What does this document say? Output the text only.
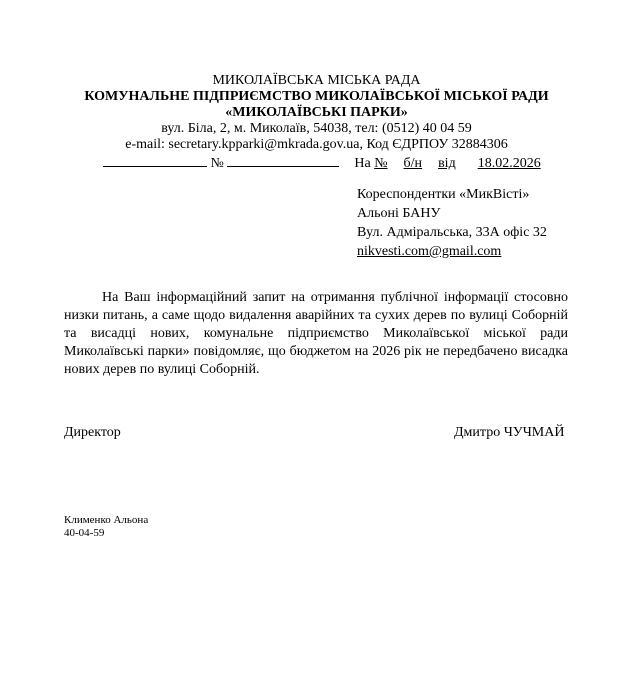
МИКОЛАЇВСЬКА МІСЬКА РАДА
КОМУНАЛЬНЕ ПІДПРИЄМСТВО МИКОЛАЇВСЬКОЇ МІСЬКОЇ РАДИ
«МИКОЛАЇВСЬКІ ПАРКИ»
вул. Біла, 2, м. Миколаїв, 54038, тел: (0512) 40 04 59
e-mail: secretary.kpparki@mkrada.gov.ua, Код ЄДРПОУ 32884306
№	На № б/н від 18.02.2026
Кореспондентки «МикВісті»
Альоні БАНУ
Вул. Адміральська, 33А офіс 32
nikvesti.com@gmail.com
На Ваш інформаційний запит на отримання публічної інформації стосовно низки питань, а саме щодо видалення аварійних та сухих дерев по вулиці Соборній та висадці нових, комунальне підприємство Миколаївської міської ради Миколаївські парки» повідомляє, що бюджетом на 2026 рік не передбачено висадка нових дерев по вулиці Соборній.
Директор	Дмитро ЧУЧМАЙ
Клименко Альона
40-04-59
